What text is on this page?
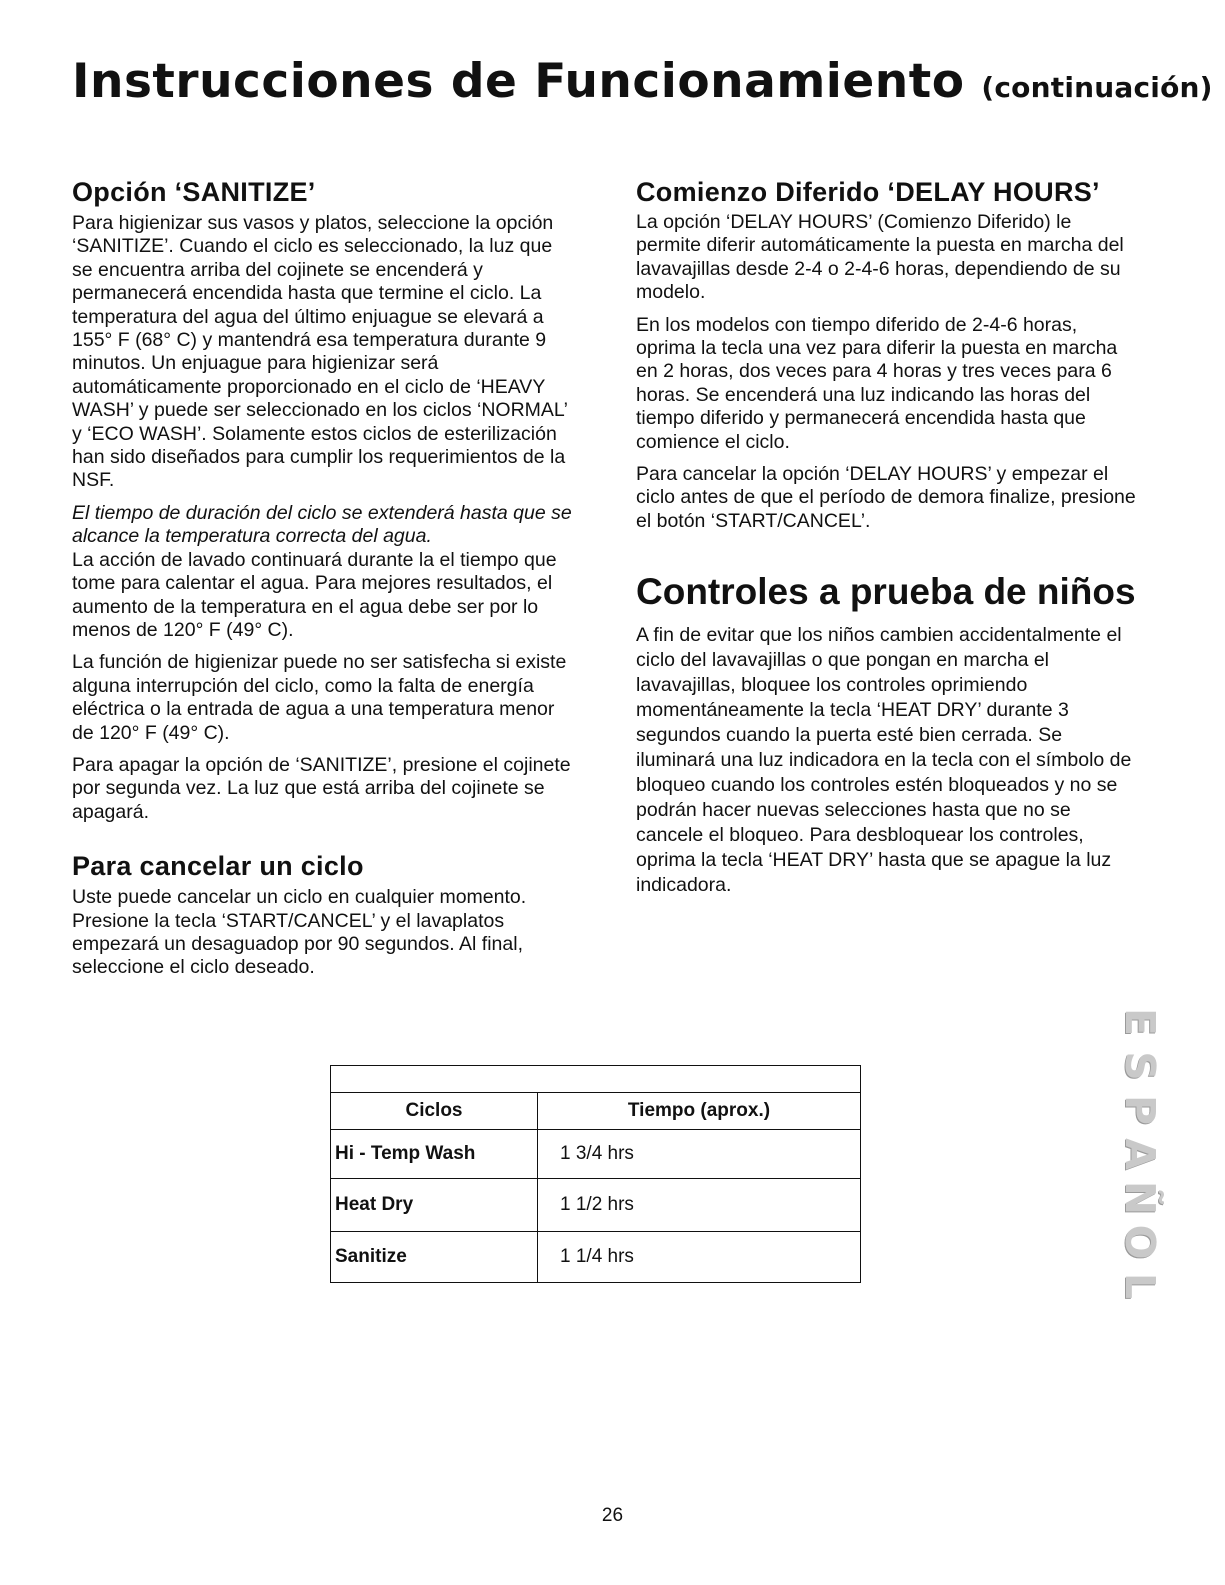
Instrucciones de Funcionamiento (continuación)
Opción ‘SANITIZE’

Para higienizar sus vasos y platos, seleccione la opción ‘SANITIZE’. Cuando el ciclo es seleccionado, la luz que se encuentra arriba del cojinete se encenderá y permanecerá encendida hasta que termine el ciclo. La temperatura del agua del último enjuague se elevará a 155° F (68° C) y mantendrá esa temperatura durante 9 minutos. Un enjuague para higienizar será automáticamente proporcionado en el ciclo de ‘HEAVY WASH’ y puede ser seleccionado en los ciclos ‘NORMAL’ y ‘ECO WASH’. Solamente estos ciclos de esterilización han sido diseñados para cumplir los requerimientos de la NSF.

El tiempo de duración del ciclo se extenderá hasta que se alcance la temperatura correcta del agua.
La acción de lavado continuará durante la el tiempo que tome para calentar el agua. Para mejores resultados, el aumento de la temperatura en el agua debe ser por lo menos de 120° F (49° C).

La función de higienizar puede no ser satisfecha si existe alguna interrupción del ciclo, como la falta de energía eléctrica o la entrada de agua a una temperatura menor de 120° F (49° C).

Para apagar la opción de ‘SANITIZE’, presione el cojinete por segunda vez. La luz que está arriba del cojinete se apagará.

Para cancelar un ciclo

Uste puede cancelar un ciclo en cualquier momento. Presione la tecla ‘START/CANCEL’ y el lavaplatos empezará un desaguadop por 90 segundos. Al final, seleccione el ciclo deseado.

Comienzo Diferido ‘DELAY HOURS’

La opción ‘DELAY HOURS’ (Comienzo Diferido) le permite diferir automáticamente la puesta en marcha del lavavajillas desde 2-4 o 2-4-6 horas, dependiendo de su modelo.

En los modelos con tiempo diferido de 2-4-6 horas, oprima la tecla una vez para diferir la puesta en marcha en 2 horas, dos veces para 4 horas y tres veces para 6 horas. Se encenderá una luz indicando las horas del tiempo diferido y permanecerá encendida hasta que comience el ciclo.

Para cancelar la opción ‘DELAY HOURS’ y empezar el ciclo antes de que el período de demora finalize, presione el botón ‘START/CANCEL’.

Controles a prueba de niños

A fin de evitar que los niños cambien accidentalmente el ciclo del lavavajillas o que pongan en marcha el lavavajillas, bloquee los controles oprimiendo momentáneamente la tecla ‘HEAT DRY’ durante 3 segundos cuando la puerta esté bien cerrada. Se iluminará una luz indicadora en la tecla con el símbolo de bloqueo cuando los controles estén bloqueados y no se podrán hacer nuevas selecciones hasta que no se cancele el bloqueo. Para desbloquear los controles, oprima la tecla ‘HEAT DRY’ hasta que se apague la luz indicadora.

Ciclos	Tiempo (aprox.)
Hi - Temp Wash	1 3/4 hrs
Heat Dry	1 1/2 hrs
Sanitize	1 1/4 hrs
E
S
P
A
Ñ
O
L
26
